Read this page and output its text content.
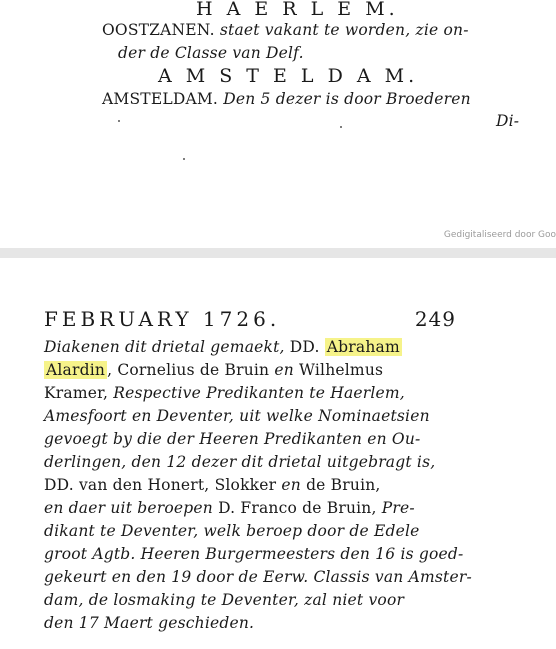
H A E R L E M.
OOSTZANEN. staet vakant te worden, zie on-
der de Classe van Delf.
A M S T E L D A M.
AMSTELDAM. Den 5 dezer is door Broederen
Di-
Gedigitaliseerd door Goo
FEBRUARY 1726.	249
Diakenen dit drietal gemaekt, DD. Abraham
Alardin , Cornelius de Bruin en Wilhelmus
Kramer, Respective Predikanten te Haerlem,
Amesfoort en Deventer, uit welke Nominaetsien
gevoegt by die der Heeren Predikanten en Ou-
derlingen, den 12 dezer dit drietal uitgebragt is,
DD. van den Honert, Slokker en de Bruin,
en daer uit beroepen D. Franco de Bruin, Pre-
dikant te Deventer, welk beroep door de Edele
groot Agtb. Heeren Burgermeesters den 16 is goed-
gekeurt en den 19 door de Eerw. Classis van Amster-
dam, de losmaking te Deventer, zal niet voor
den 17 Maert geschieden.
